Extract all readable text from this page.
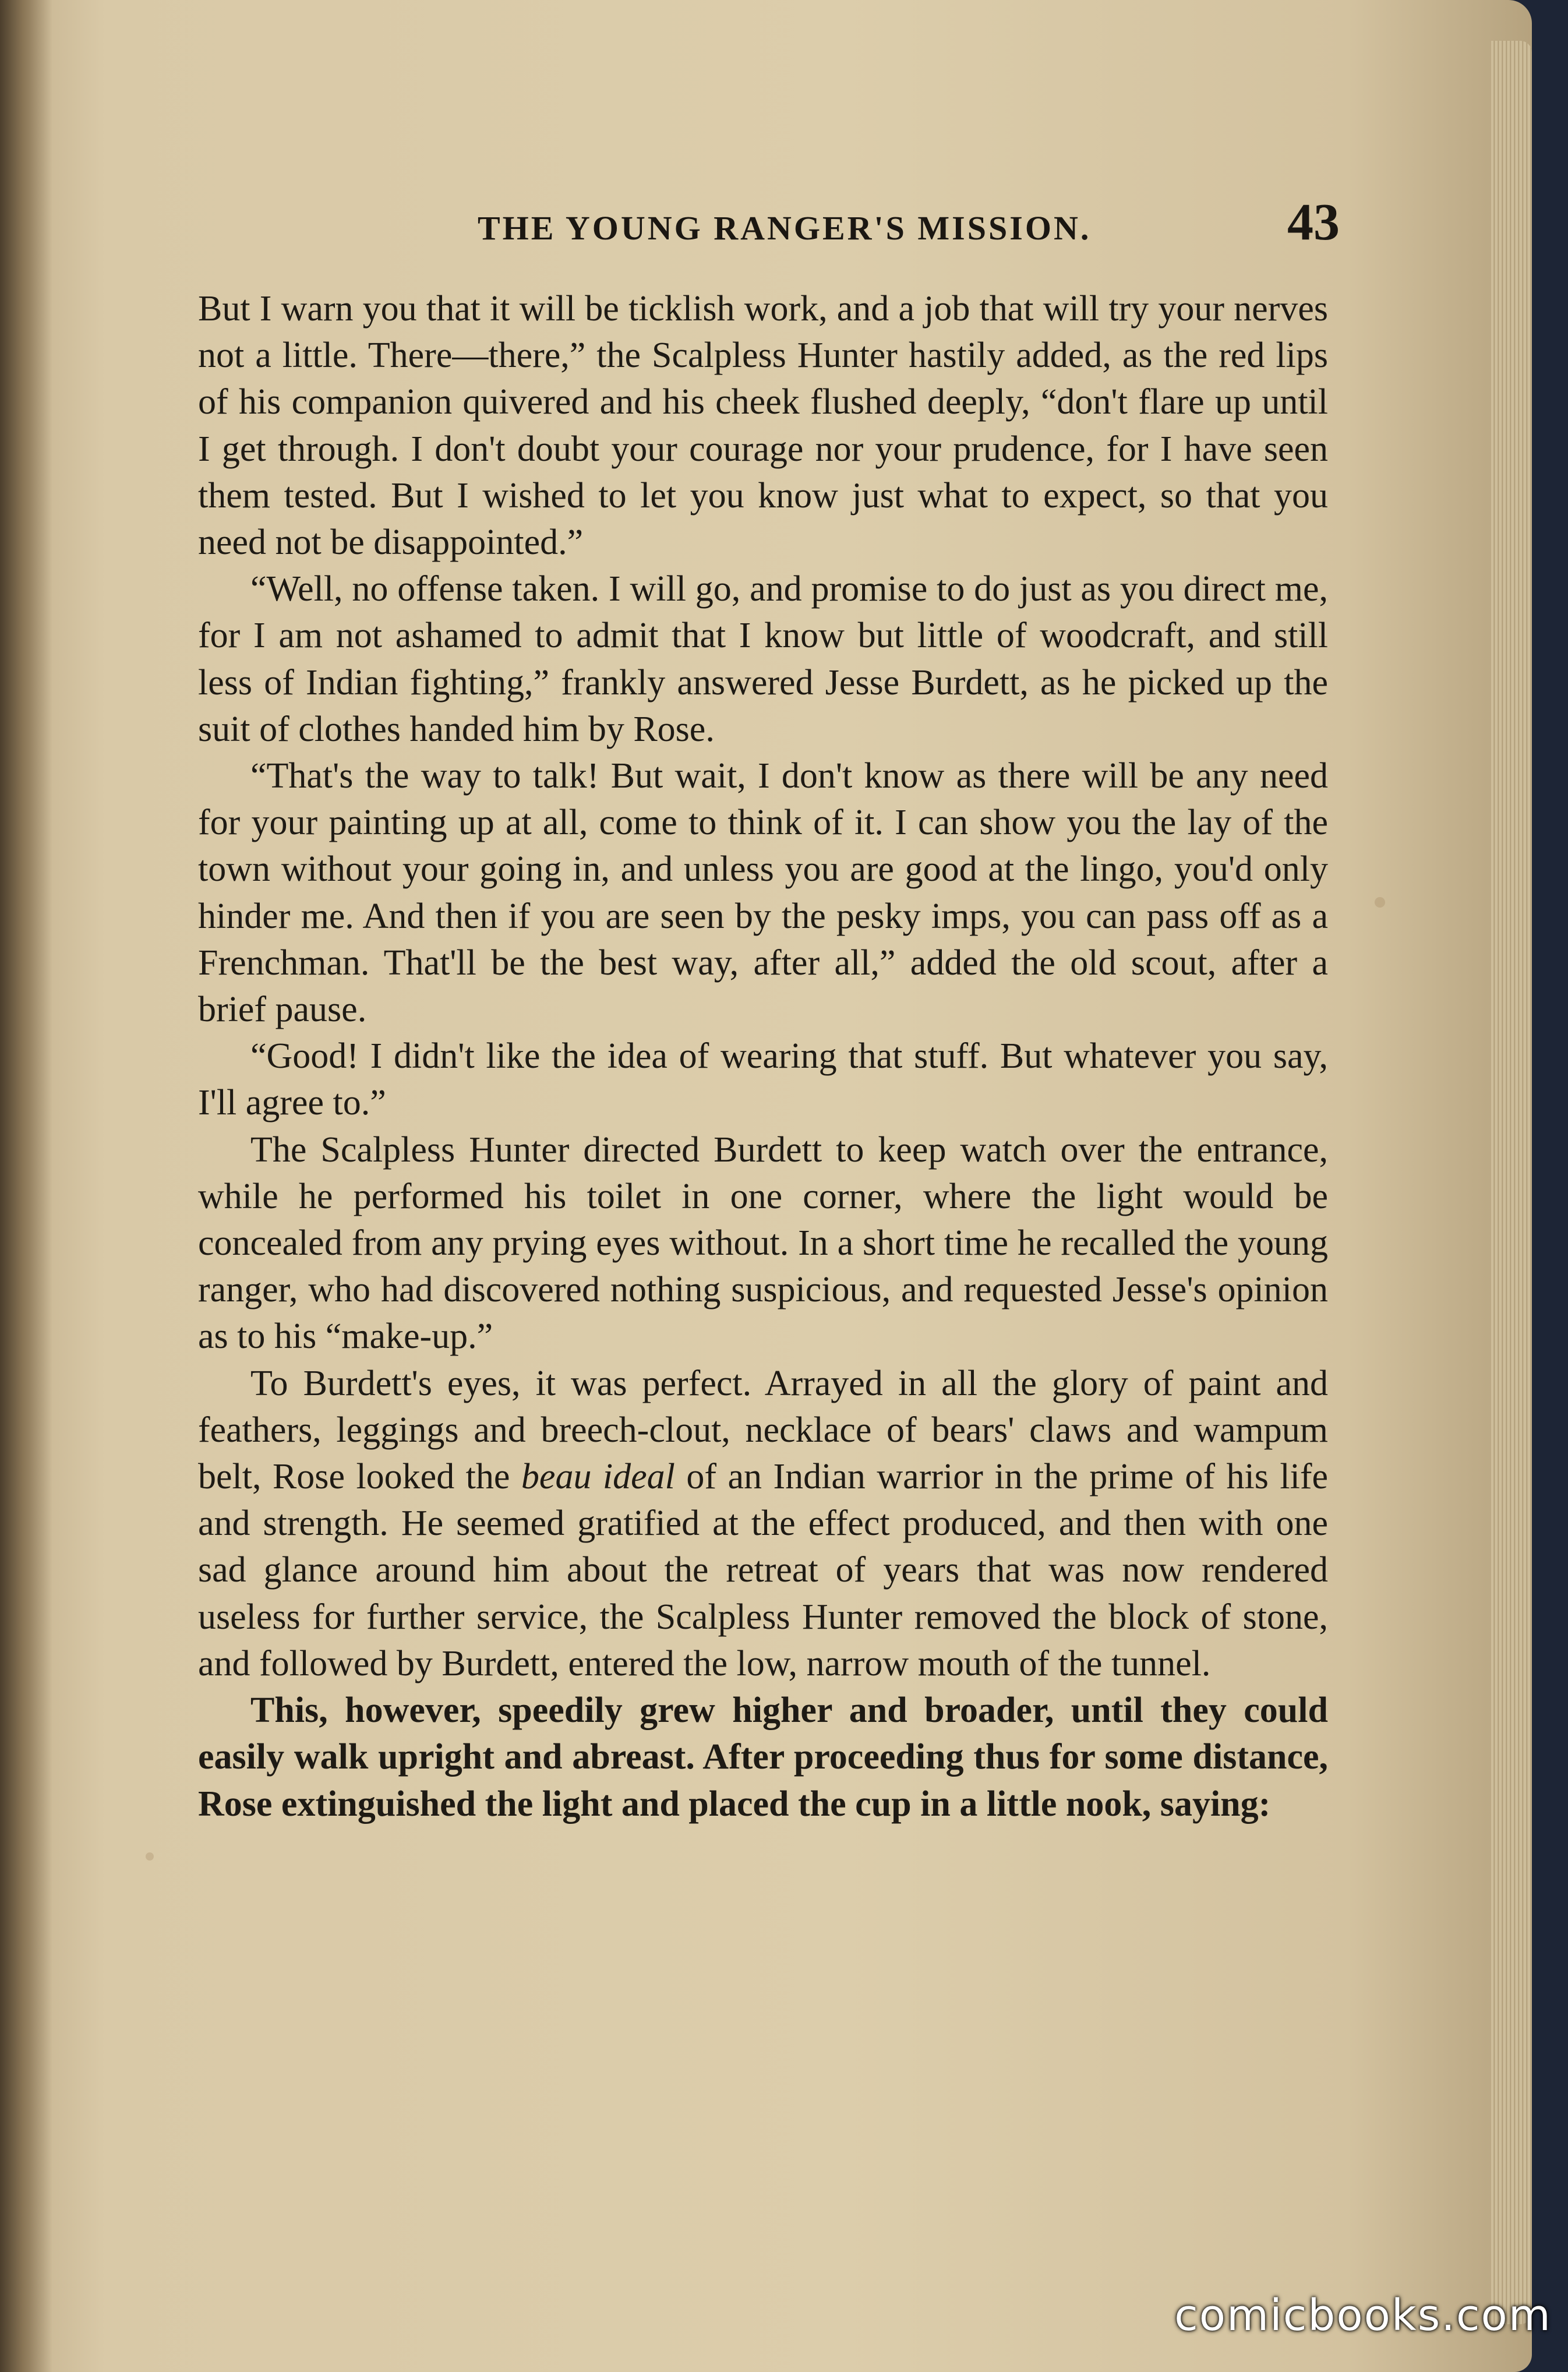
THE YOUNG RANGER'S MISSION.	43

But I warn you that it will be ticklish work, and a job that will try your nerves not a little. There—there,” the Scalpless Hunter hastily added, as the red lips of his companion quivered and his cheek flushed deeply, “don't flare up until I get through. I don't doubt your courage nor your prudence, for I have seen them tested. But I wished to let you know just what to expect, so that you need not be disappointed.”

“Well, no offense taken. I will go, and promise to do just as you direct me, for I am not ashamed to admit that I know but little of woodcraft, and still less of Indian fighting,” frankly answered Jesse Burdett, as he picked up the suit of clothes handed him by Rose.

“That's the way to talk! But wait, I don't know as there will be any need for your painting up at all, come to think of it. I can show you the lay of the town without your going in, and unless you are good at the lingo, you'd only hinder me. And then if you are seen by the pesky imps, you can pass off as a Frenchman. That'll be the best way, after all,” added the old scout, after a brief pause.

“Good! I didn't like the idea of wearing that stuff. But whatever you say, I'll agree to.”

The Scalpless Hunter directed Burdett to keep watch over the entrance, while he performed his toilet in one corner, where the light would be concealed from any prying eyes without. In a short time he recalled the young ranger, who had discovered nothing suspicious, and requested Jesse's opinion as to his “make-up.”

To Burdett's eyes, it was perfect. Arrayed in all the glory of paint and feathers, leggings and breech-clout, necklace of bears' claws and wampum belt, Rose looked the beau ideal of an Indian warrior in the prime of his life and strength. He seemed gratified at the effect produced, and then with one sad glance around him about the retreat of years that was now rendered useless for further service, the Scalpless Hunter removed the block of stone, and followed by Burdett, entered the low, narrow mouth of the tunnel.

This, however, speedily grew higher and broader, until they could easily walk upright and abreast. After proceeding thus for some distance, Rose extinguished the light and placed the cup in a little nook, saying:

comicbooks.com
